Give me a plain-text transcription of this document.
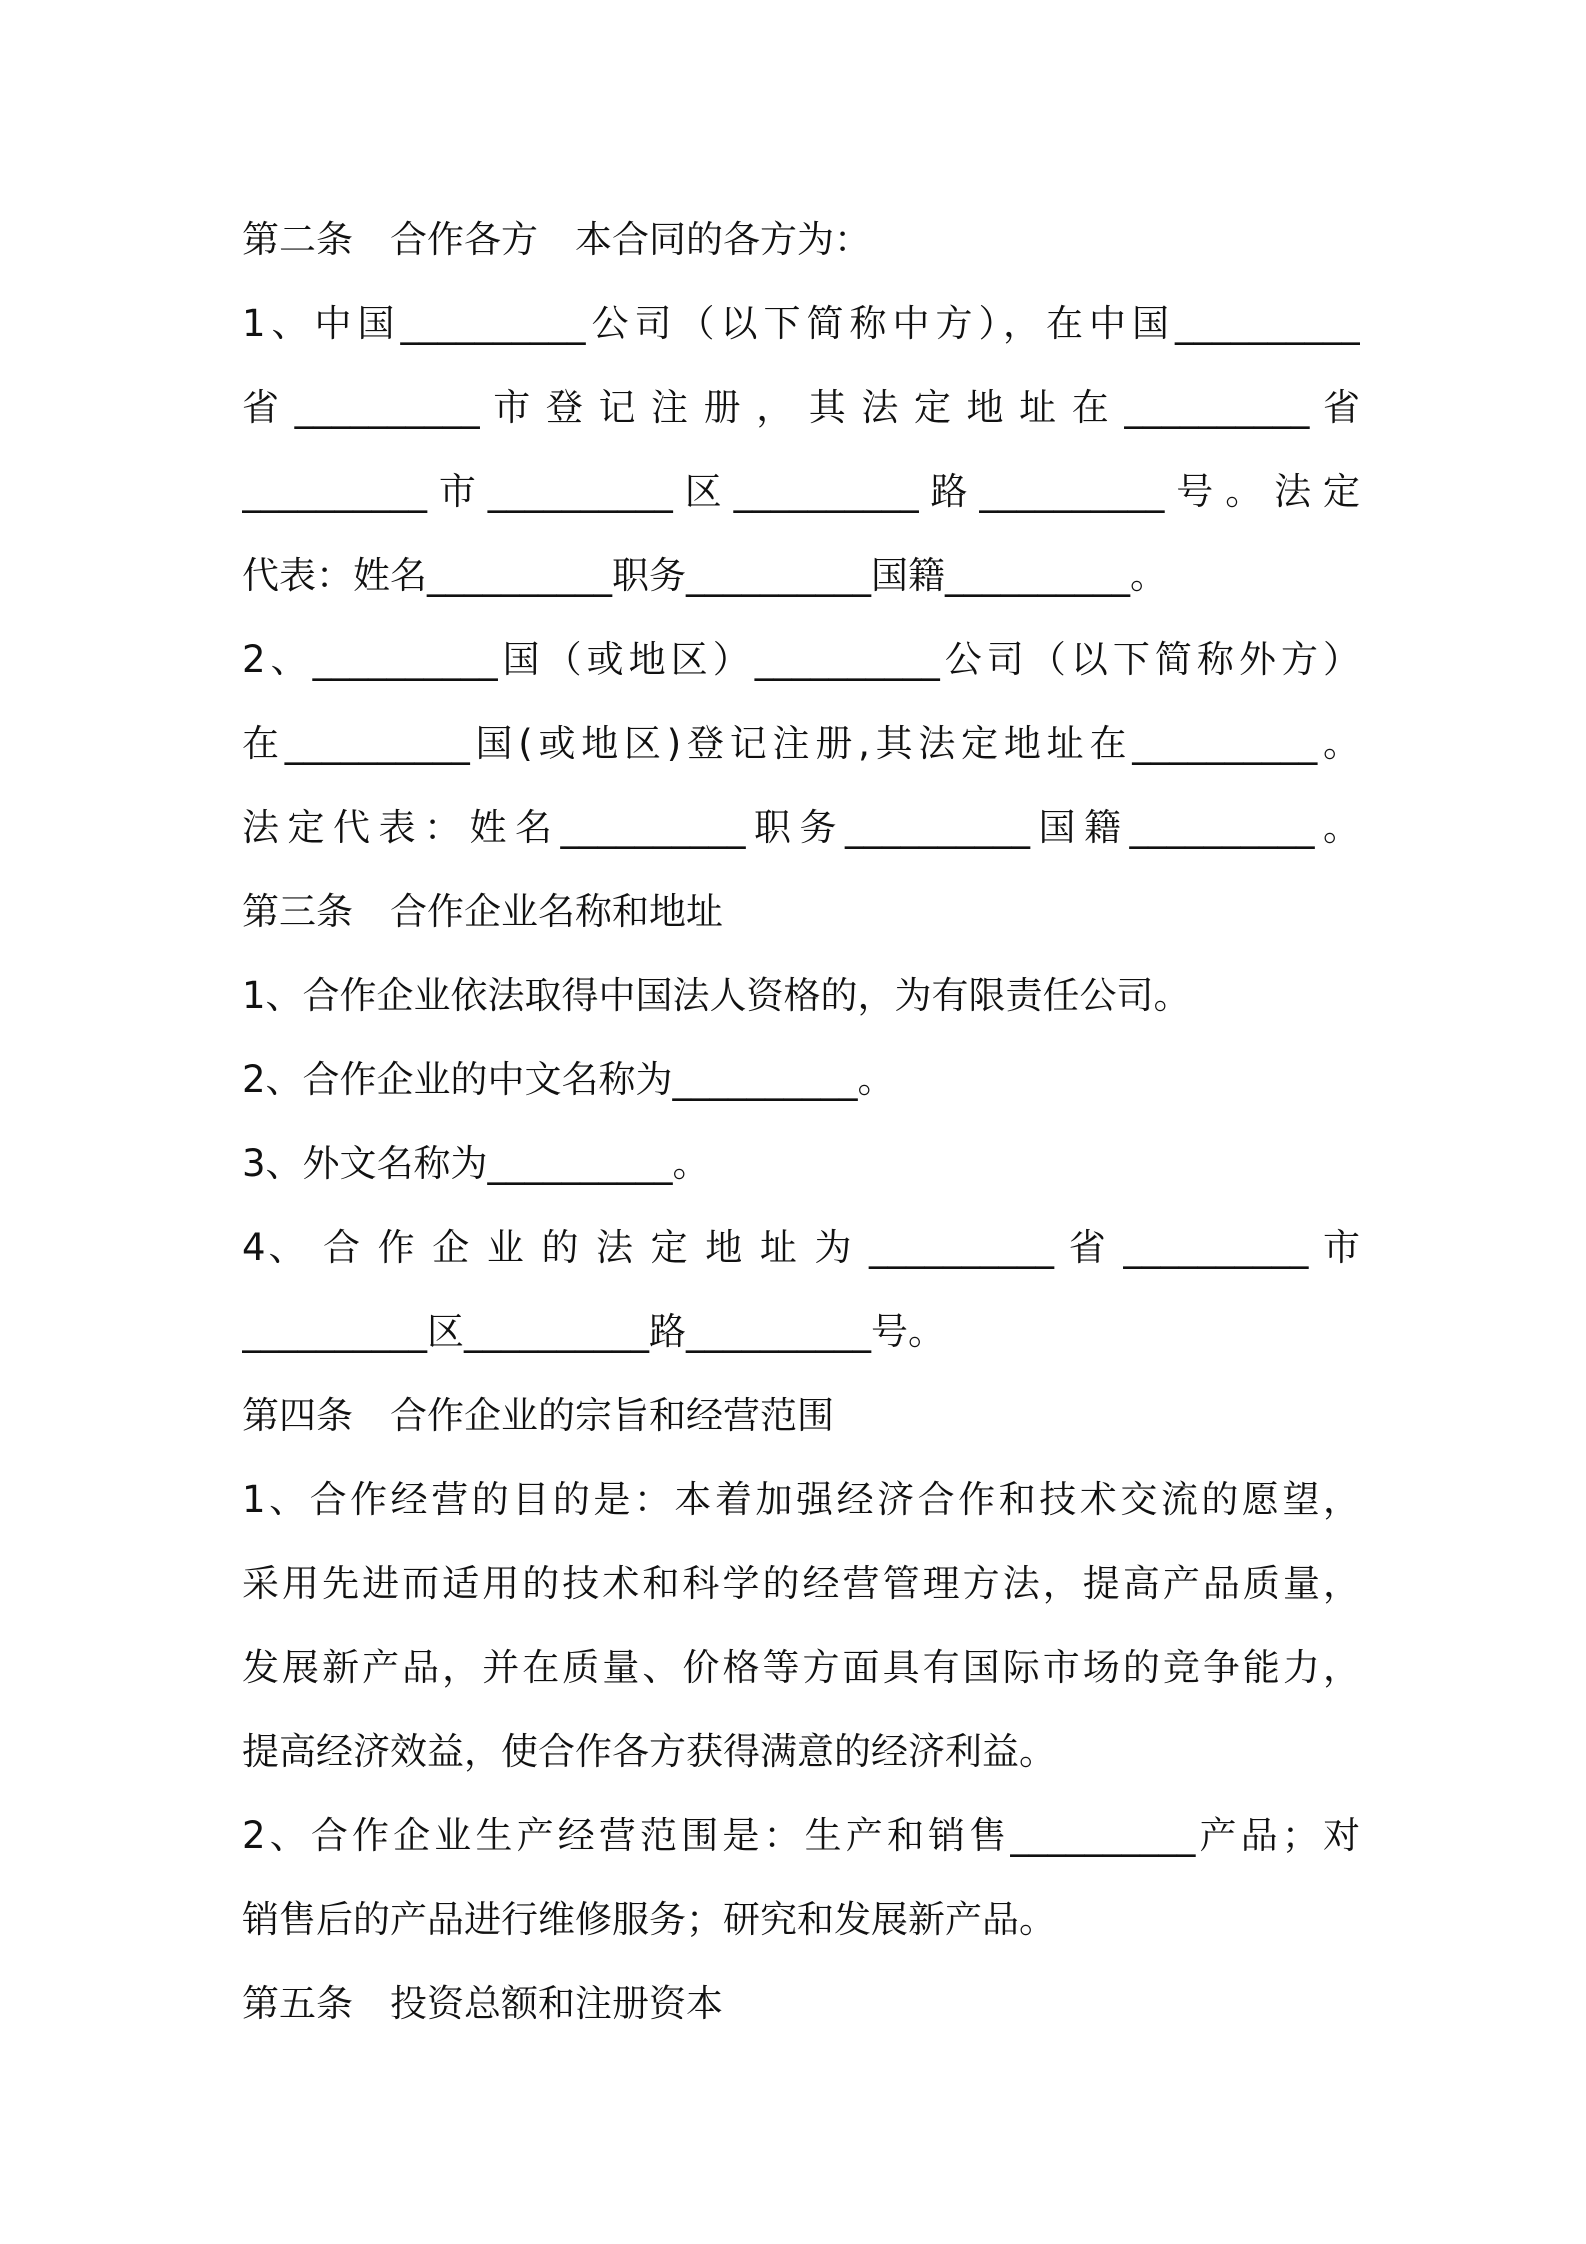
第二条　合作各方　本合同的各方为：
1、中国__________公司（以下简称中方），在中国__________
省 __________ 市 登 记 注 册 ， 其 法 定 地 址 在 __________ 省
__________市__________区__________路__________号。法定
代表：姓名__________职务__________国籍__________。
2、__________国（或地区）__________公司（以下简称外方）
在__________国(或地区)登记注册,其法定地址在__________。
法定代表：姓名__________职务__________国籍__________。
第三条　合作企业名称和地址
1、合作企业依法取得中国法人资格的，为有限责任公司。
2、合作企业的中文名称为__________。
3、外文名称为__________。
4、 合 作 企 业 的 法 定 地 址 为 __________ 省 __________ 市
__________区__________路__________号。
第四条　合作企业的宗旨和经营范围
1、合作经营的目的是：本着加强经济合作和技术交流的愿望，
采用先进而适用的技术和科学的经营管理方法，提高产品质量，
发展新产品，并在质量、价格等方面具有国际市场的竞争能力，
提高经济效益，使合作各方获得满意的经济利益。
2、合作企业生产经营范围是：生产和销售__________产品；对
销售后的产品进行维修服务；研究和发展新产品。
第五条　投资总额和注册资本
